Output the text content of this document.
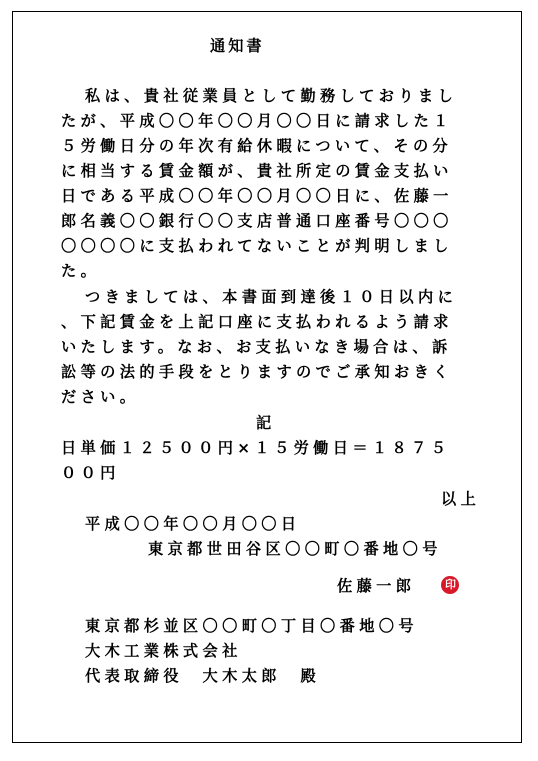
通知書
私は、貴社従業員として勤務しておりまし
たが、平成〇〇年〇〇月〇〇日に請求した１
５労働日分の年次有給休暇について、その分
に相当する賃金額が、貴社所定の賃金支払い
日である平成〇〇年〇〇月〇〇日に、佐藤一
郎名義〇〇銀行〇〇支店普通口座番号〇〇〇
〇〇〇〇に支払われてないことが判明しまし
た。
つきましては、本書面到達後１０日以内に
、下記賃金を上記口座に支払われるよう請求
いたします。なお、お支払いなき場合は、訴
訟等の法的手段をとりますのでご承知おきく
ださい。
記
日単価１２５００円×１５労働日＝１８７５
００円
以上
平成〇〇年〇〇月〇〇日
東京都世田谷区〇〇町〇番地〇号
佐藤一郎	印
東京都杉並区〇〇町〇丁目〇番地〇号
大木工業株式会社
代表取締役　大木太郎　殿
